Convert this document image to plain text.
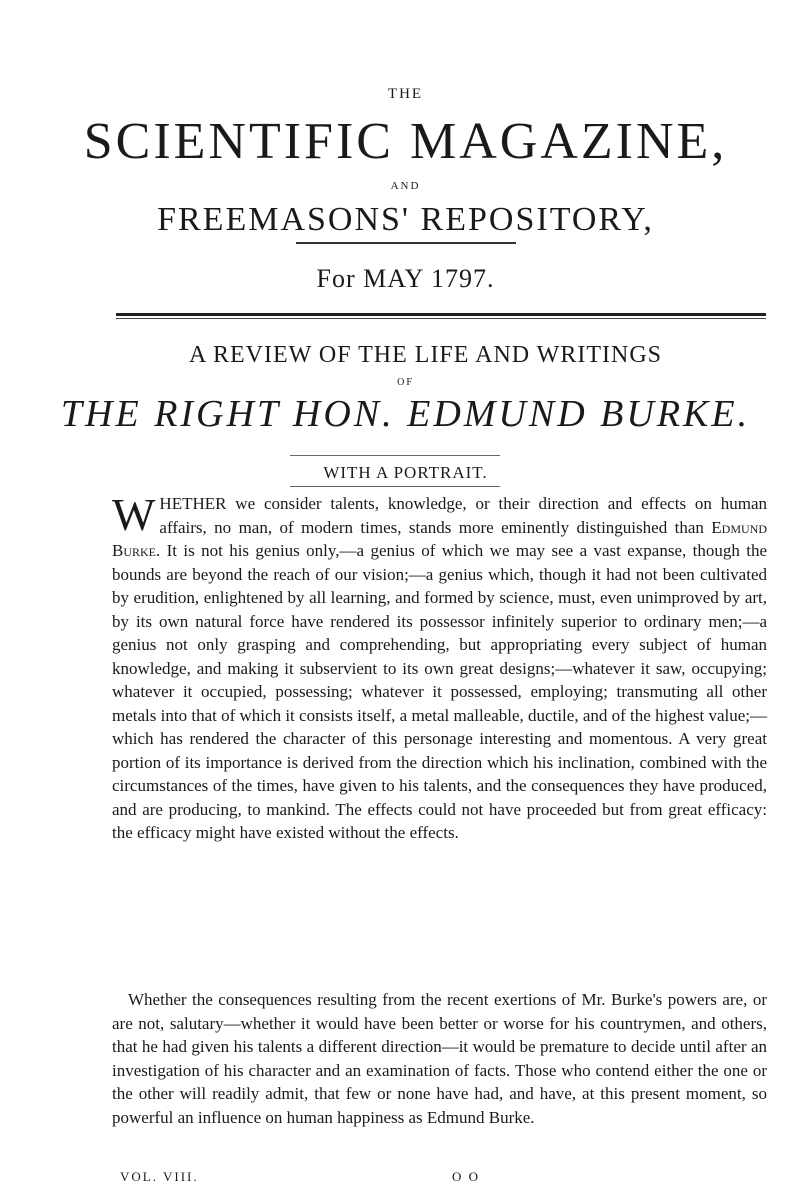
THE
SCIENTIFIC MAGAZINE,
AND
FREEMASONS' REPOSITORY,
For MAY 1797.
A REVIEW OF THE LIFE AND WRITINGS
OF
THE RIGHT HON. EDMUND BURKE.
WITH A PORTRAIT.
WHETHER we consider talents, knowledge, or their direction and effects on human affairs, no man, of modern times, stands more eminently distinguished than Edmund Burke. It is not his genius only,—a genius of which we may see a vast expanse, though the bounds are beyond the reach of our vision;—a genius which, though it had not been cultivated by erudition, enlightened by all learning, and formed by science, must, even unimproved by art, by its own natural force have rendered its possessor infinitely superior to ordinary men;—a genius not only grasping and comprehending, but appropriating every subject of human knowledge, and making it subservient to its own great designs;—whatever it saw, occupying; whatever it occupied, possessing; whatever it possessed, employing; transmuting all other metals into that of which it consists itself, a metal malleable, ductile, and of the highest value;—which has rendered the character of this personage interesting and momentous. A very great portion of its importance is derived from the direction which his inclination, combined with the circumstances of the times, have given to his talents, and the consequences they have produced, and are producing, to mankind. The effects could not have proceeded but from great efficacy: the efficacy might have existed without the effects.
Whether the consequences resulting from the recent exertions of Mr. Burke's powers are, or are not, salutary—whether it would have been better or worse for his countrymen, and others, that he had given his talents a different direction—it would be premature to decide until after an investigation of his character and an examination of facts. Those who contend either the one or the other will readily admit, that few or none have had, and have, at this present moment, so powerful an influence on human happiness as Edmund Burke.
VOL. VIII.	O O
